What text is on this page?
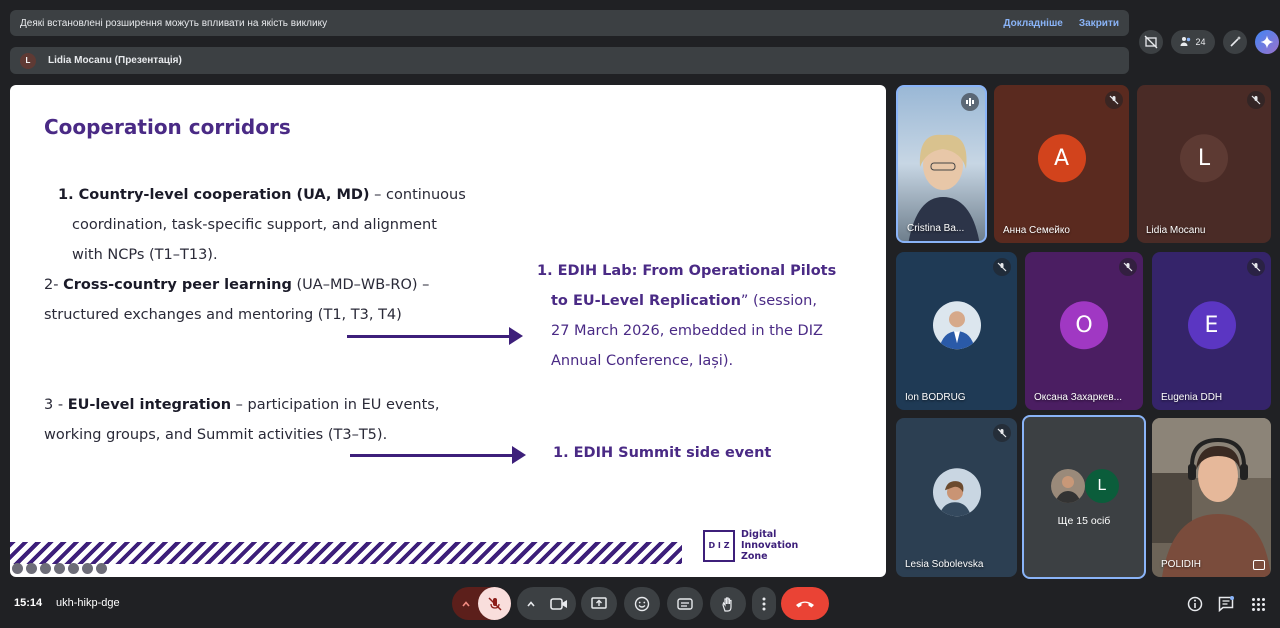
Деякі встановлені розширення можуть впливати на якість виклику	Докладніше Закрити
L	Lidia Mocanu (Презентація)
24
Cooperation corridors
1. Country-level cooperation (UA, MD) – continuous
coordination, task-specific support, and alignment
with NCPs (T1–T13).
2- Cross-country peer learning (UA–MD–WB-RO) –
structured exchanges and mentoring (T1, T3, T4)
3 - EU-level integration – participation in EU events,
working groups, and Summit activities (T3–T5).
1. EDIH Lab: From Operational Pilots
to EU-Level Replication” (session,
27 March 2026, embedded in the DIZ
Annual Conference, Iași).
1. EDIH Summit side event
D I Z
Digital
Innovation
Zone
Cristina Ba...
A
Анна Семейко
L
Lidia Mocanu
Ion BODRUG
O
Оксана Захаркев...
E
Eugenia DDH
Lesia Sobolevska
L
Ще 15 осіб
POLIDIH
15:14 ukh-hikp-dge
